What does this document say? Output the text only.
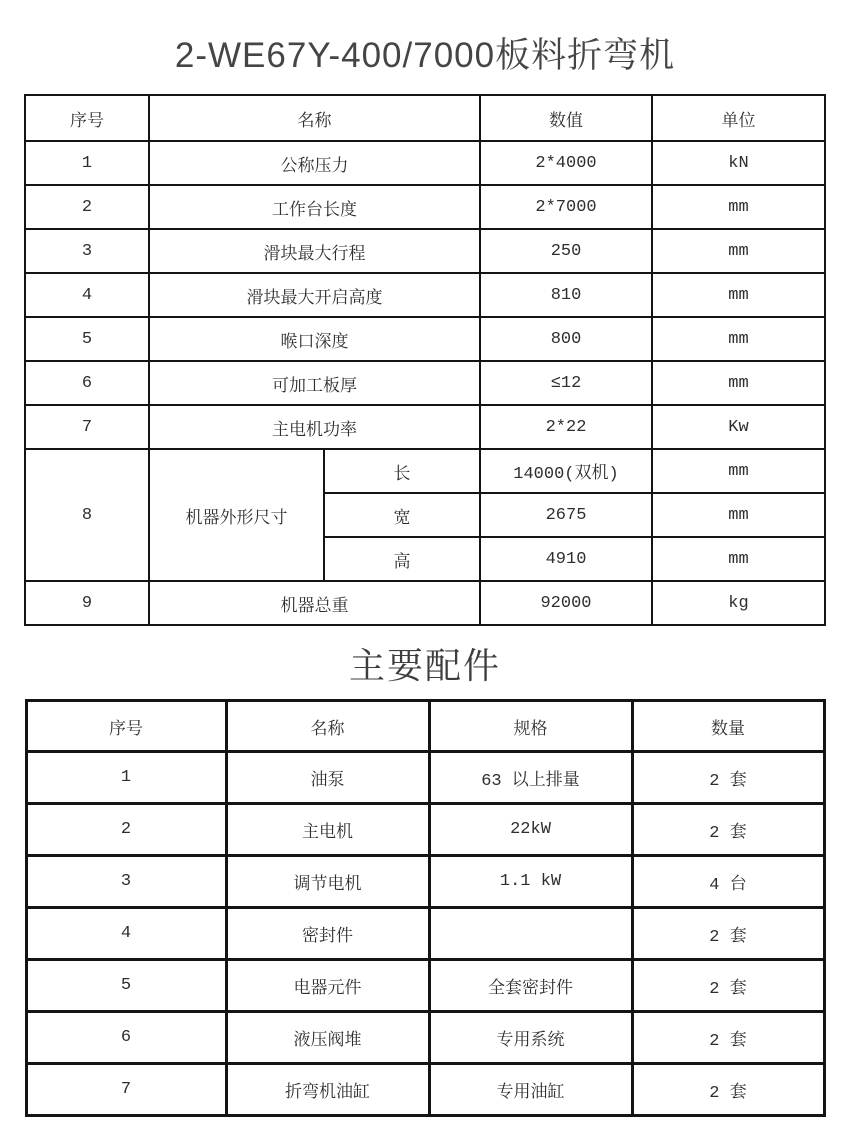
2-WE67Y-400/7000板料折弯机
序号	名称		数值	单位
1	公称压力		2*4000	kN
2	工作台长度		2*7000	mm
3	滑块最大行程		250	mm
4	滑块最大开启高度		810	mm
5	喉口深度		800	mm
6	可加工板厚		≤12	mm
7	主电机功率		2*22	Kw
8	机器外形尺寸	长	14000(双机)	mm
		宽	2675	mm
		高	4910	mm
9	机器总重		92000	kg
主要配件
序号	名称	规格	数量
1	油泵	63 以上排量	2 套
2	主电机	22kW	2 套
3	调节电机	1.1 kW	4 台
4	密封件		2 套
5	电器元件	全套密封件	2 套
6	液压阀堆	专用系统	2 套
7	折弯机油缸	专用油缸	2 套
